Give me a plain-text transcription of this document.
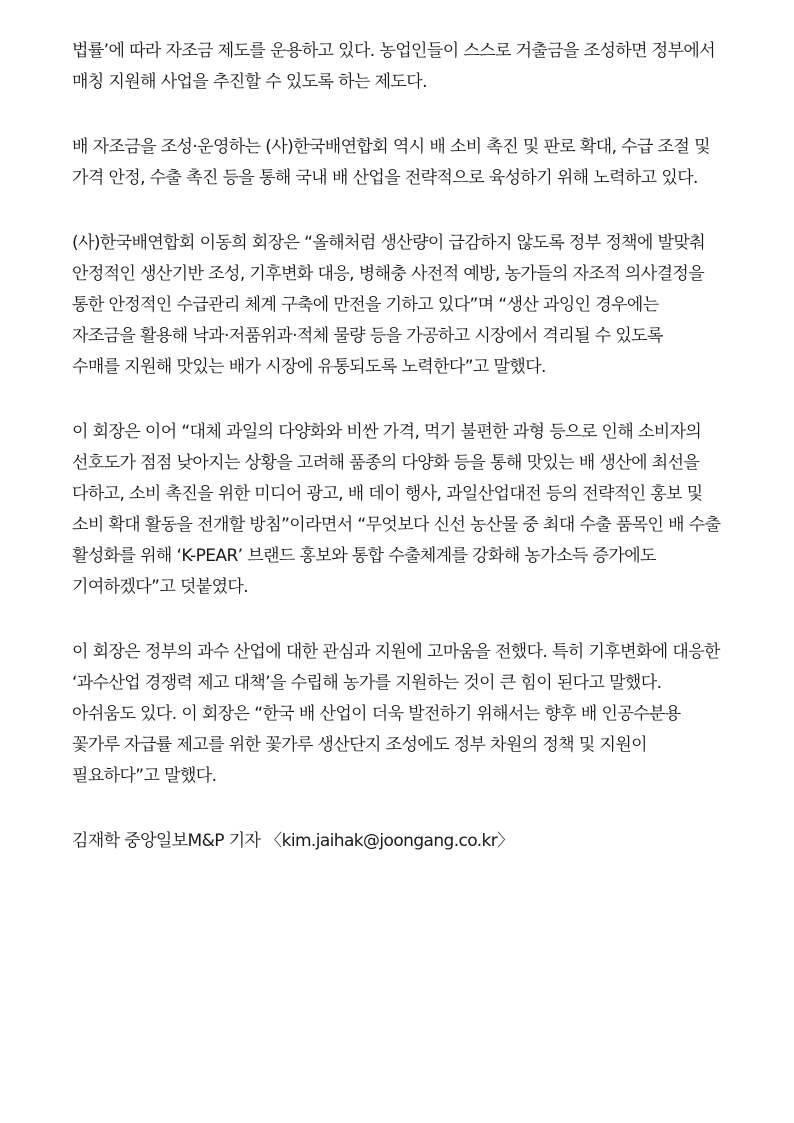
법률’에 따라 자조금 제도를 운용하고 있다. 농업인들이 스스로 거출금을 조성하면 정부에서
매칭 지원해 사업을 추진할 수 있도록 하는 제도다.
배 자조금을 조성·운영하는 (사)한국배연합회 역시 배 소비 촉진 및 판로 확대, 수급 조절 및
가격 안정, 수출 촉진 등을 통해 국내 배 산업을 전략적으로 육성하기 위해 노력하고 있다.
(사)한국배연합회 이동희 회장은 “올해처럼 생산량이 급감하지 않도록 정부 정책에 발맞춰
안정적인 생산기반 조성, 기후변화 대응, 병해충 사전적 예방, 농가들의 자조적 의사결정을
통한 안정적인 수급관리 체계 구축에 만전을 기하고 있다”며 “생산 과잉인 경우에는
자조금을 활용해 낙과·저품위과·적체 물량 등을 가공하고 시장에서 격리될 수 있도록
수매를 지원해 맛있는 배가 시장에 유통되도록 노력한다”고 말했다.
이 회장은 이어 “대체 과일의 다양화와 비싼 가격, 먹기 불편한 과형 등으로 인해 소비자의
선호도가 점점 낮아지는 상황을 고려해 품종의 다양화 등을 통해 맛있는 배 생산에 최선을
다하고, 소비 촉진을 위한 미디어 광고, 배 데이 행사, 과일산업대전 등의 전략적인 홍보 및
소비 확대 활동을 전개할 방침”이라면서 “무엇보다 신선 농산물 중 최대 수출 품목인 배 수출
활성화를 위해 ‘K-PEAR’ 브랜드 홍보와 통합 수출체계를 강화해 농가소득 증가에도
기여하겠다”고 덧붙였다.
이 회장은 정부의 과수 산업에 대한 관심과 지원에 고마움을 전했다. 특히 기후변화에 대응한
‘과수산업 경쟁력 제고 대책’을 수립해 농가를 지원하는 것이 큰 힘이 된다고 말했다.
아쉬움도 있다. 이 회장은 “한국 배 산업이 더욱 발전하기 위해서는 향후 배 인공수분용
꽃가루 자급률 제고를 위한 꽃가루 생산단지 조성에도 정부 차원의 정책 및 지원이
필요하다”고 말했다.
김재학 중앙일보M&P 기자 〈kim.jaihak@joongang.co.kr〉
